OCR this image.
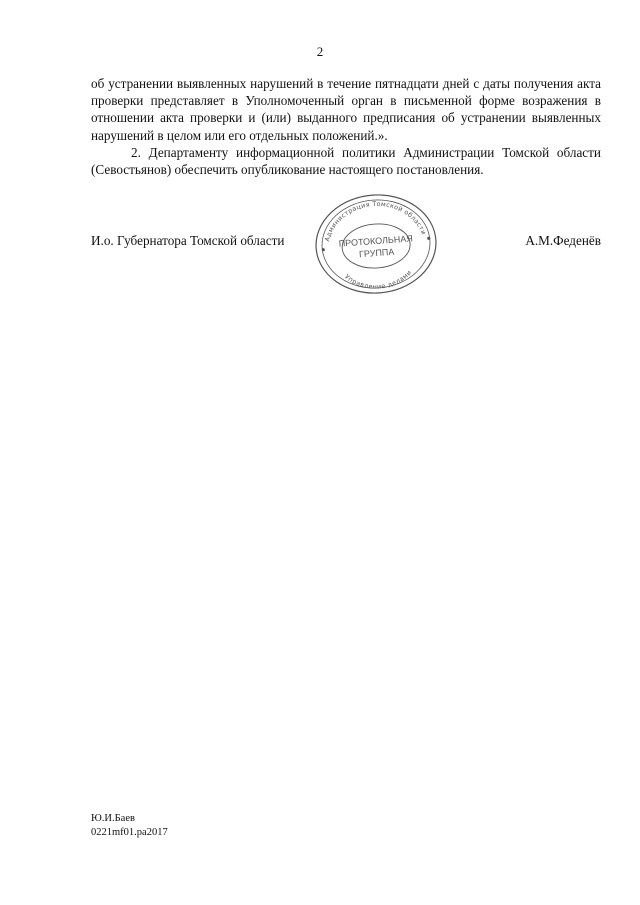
2

об устранении выявленных нарушений в течение пятнадцати дней с даты получения акта проверки представляет в Уполномоченный орган в письменной форме возражения в отношении акта проверки и (или) выданного предписания об устранении выявленных нарушений в целом или его отдельных положений.».

2. Департаменту информационной политики Администрации Томской области (Севостьянов) обеспечить опубликование настоящего постановления.

И.о. Губернатора Томской области	Администрация Томской области
Управление делами
ПРОТОКОЛЬНАЯ
ГРУППА
А.М.Феденёв
Ю.И.Баев
0221mf01.pa2017
